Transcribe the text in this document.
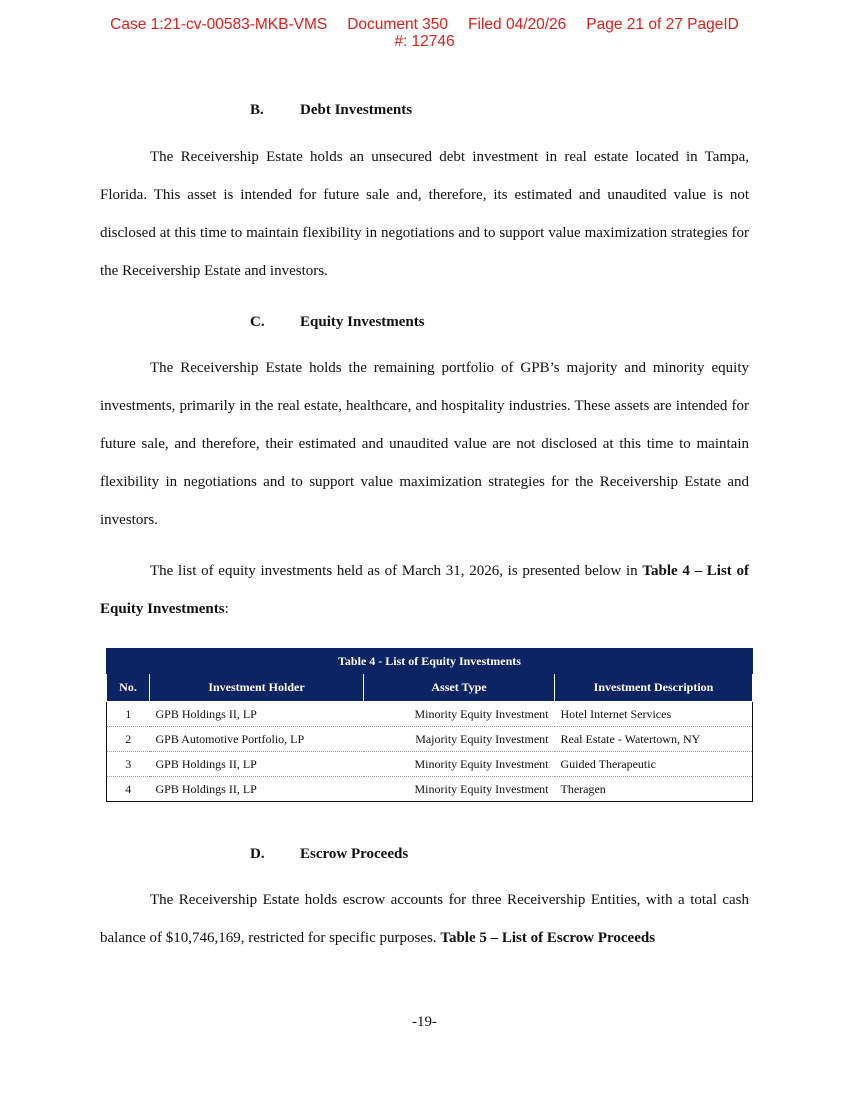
Case 1:21-cv-00583-MKB-VMS Document 350 Filed 04/20/26 Page 21 of 27 PageID
#: 12746
B. Debt Investments

The Receivership Estate holds an unsecured debt investment in real estate located in Tampa, Florida. This asset is intended for future sale and, therefore, its estimated and unaudited value is not disclosed at this time to maintain flexibility in negotiations and to support value maximization strategies for the Receivership Estate and investors.

C. Equity Investments

The Receivership Estate holds the remaining portfolio of GPB’s majority and minority equity investments, primarily in the real estate, healthcare, and hospitality industries. These assets are intended for future sale, and therefore, their estimated and unaudited value are not disclosed at this time to maintain flexibility in negotiations and to support value maximization strategies for the Receivership Estate and investors.

The list of equity investments held as of March 31, 2026, is presented below in Table 4 – List of Equity Investments:

Table 4 - List of Equity Investments			
No.	Investment Holder	Asset Type	Investment Description
1	GPB Holdings II, LP	Minority Equity Investment	Hotel Internet Services
2	GPB Automotive Portfolio, LP	Majority Equity Investment	Real Estate - Watertown, NY
3	GPB Holdings II, LP	Minority Equity Investment	Guided Therapeutic
4	GPB Holdings II, LP	Minority Equity Investment	Theragen
D. Escrow Proceeds

The Receivership Estate holds escrow accounts for three Receivership Entities, with a total cash balance of $10,746,169, restricted for specific purposes. Table 5 – List of Escrow Proceeds

-19-
